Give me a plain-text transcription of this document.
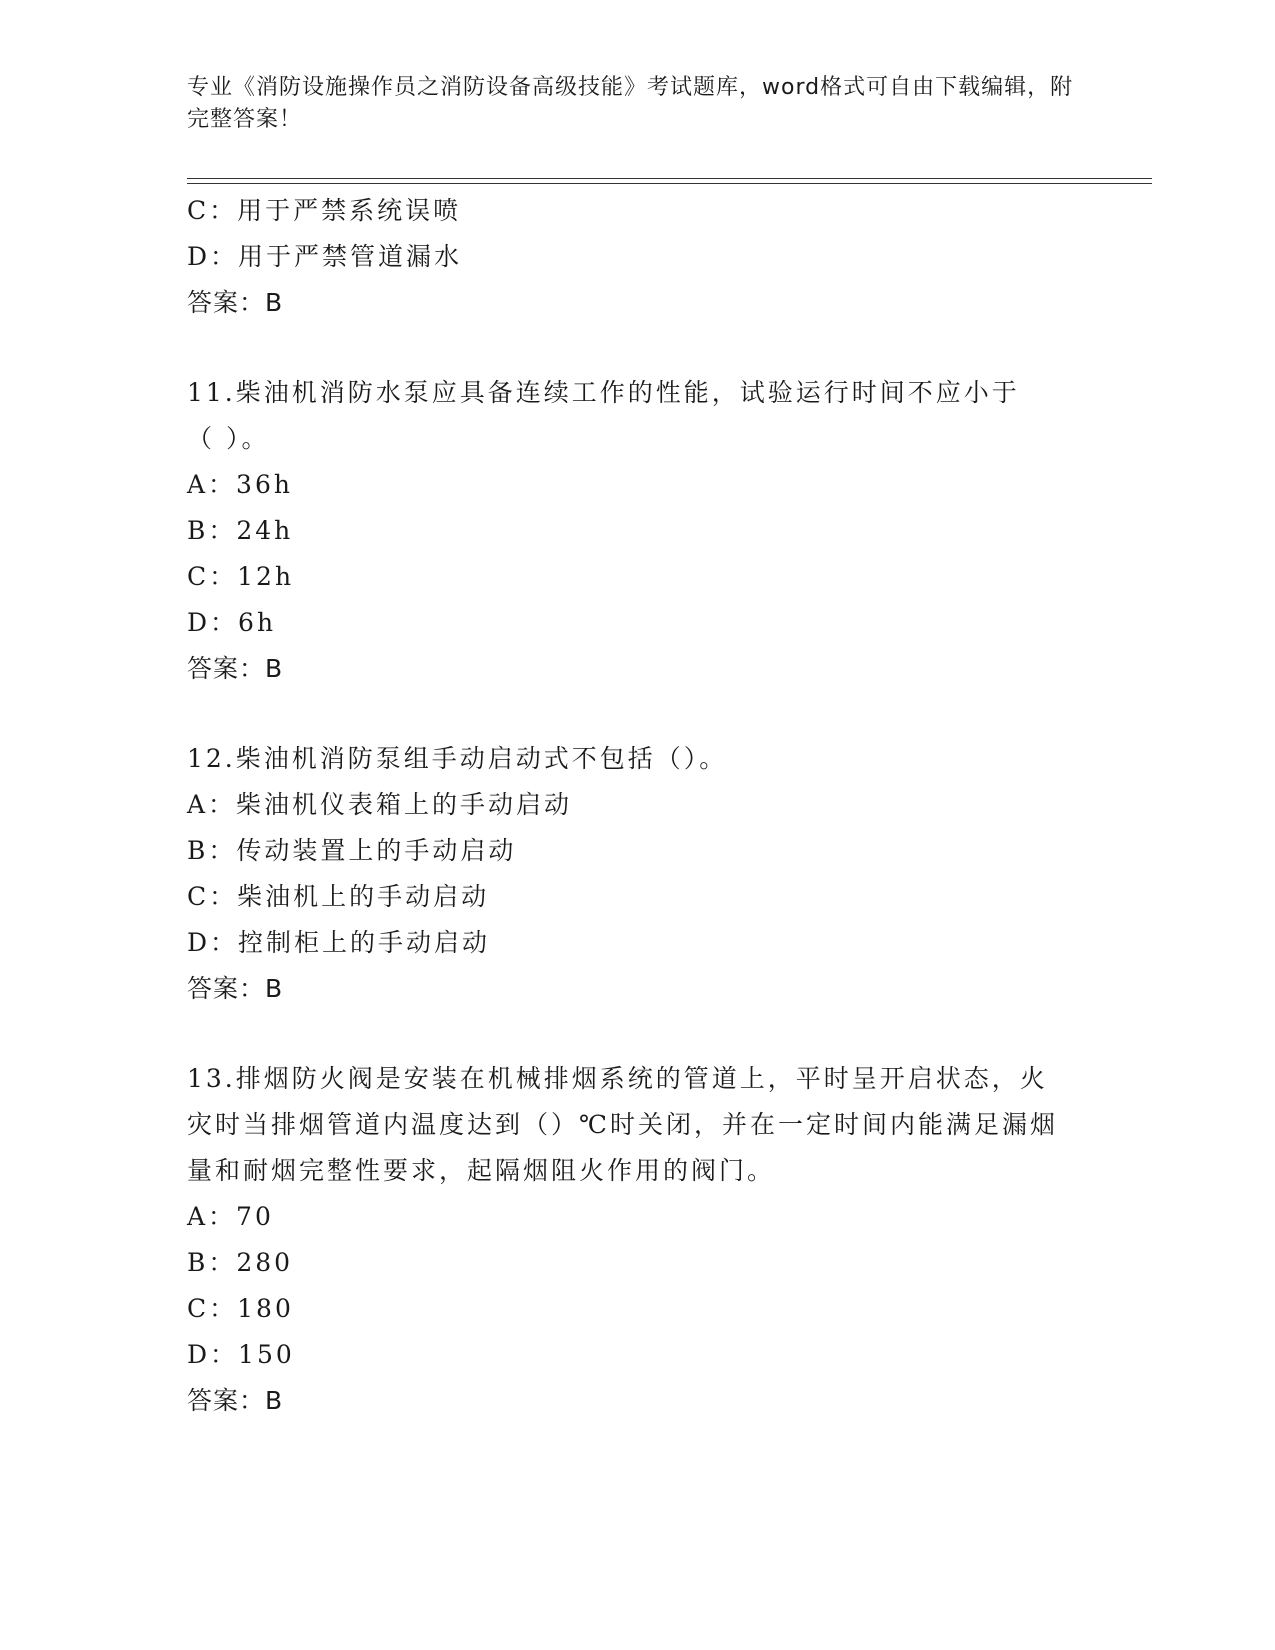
专业《消防设施操作员之消防设备高级技能》考试题库，word格式可自由下载编辑，附完整答案！
C：用于严禁系统误喷
D：用于严禁管道漏水
答案：B
11.柴油机消防水泵应具备连续工作的性能，试验运行时间不应小于（ ）。
A：36h
B：24h
C：12h
D：6h
答案：B
12.柴油机消防泵组手动启动式不包括（）。
A：柴油机仪表箱上的手动启动
B：传动装置上的手动启动
C：柴油机上的手动启动
D：控制柜上的手动启动
答案：B
13.排烟防火阀是安装在机械排烟系统的管道上，平时呈开启状态，火灾时当排烟管道内温度达到（）℃时关闭，并在一定时间内能满足漏烟量和耐烟完整性要求，起隔烟阻火作用的阀门。
A：70
B：280
C：180
D：150
答案：B
